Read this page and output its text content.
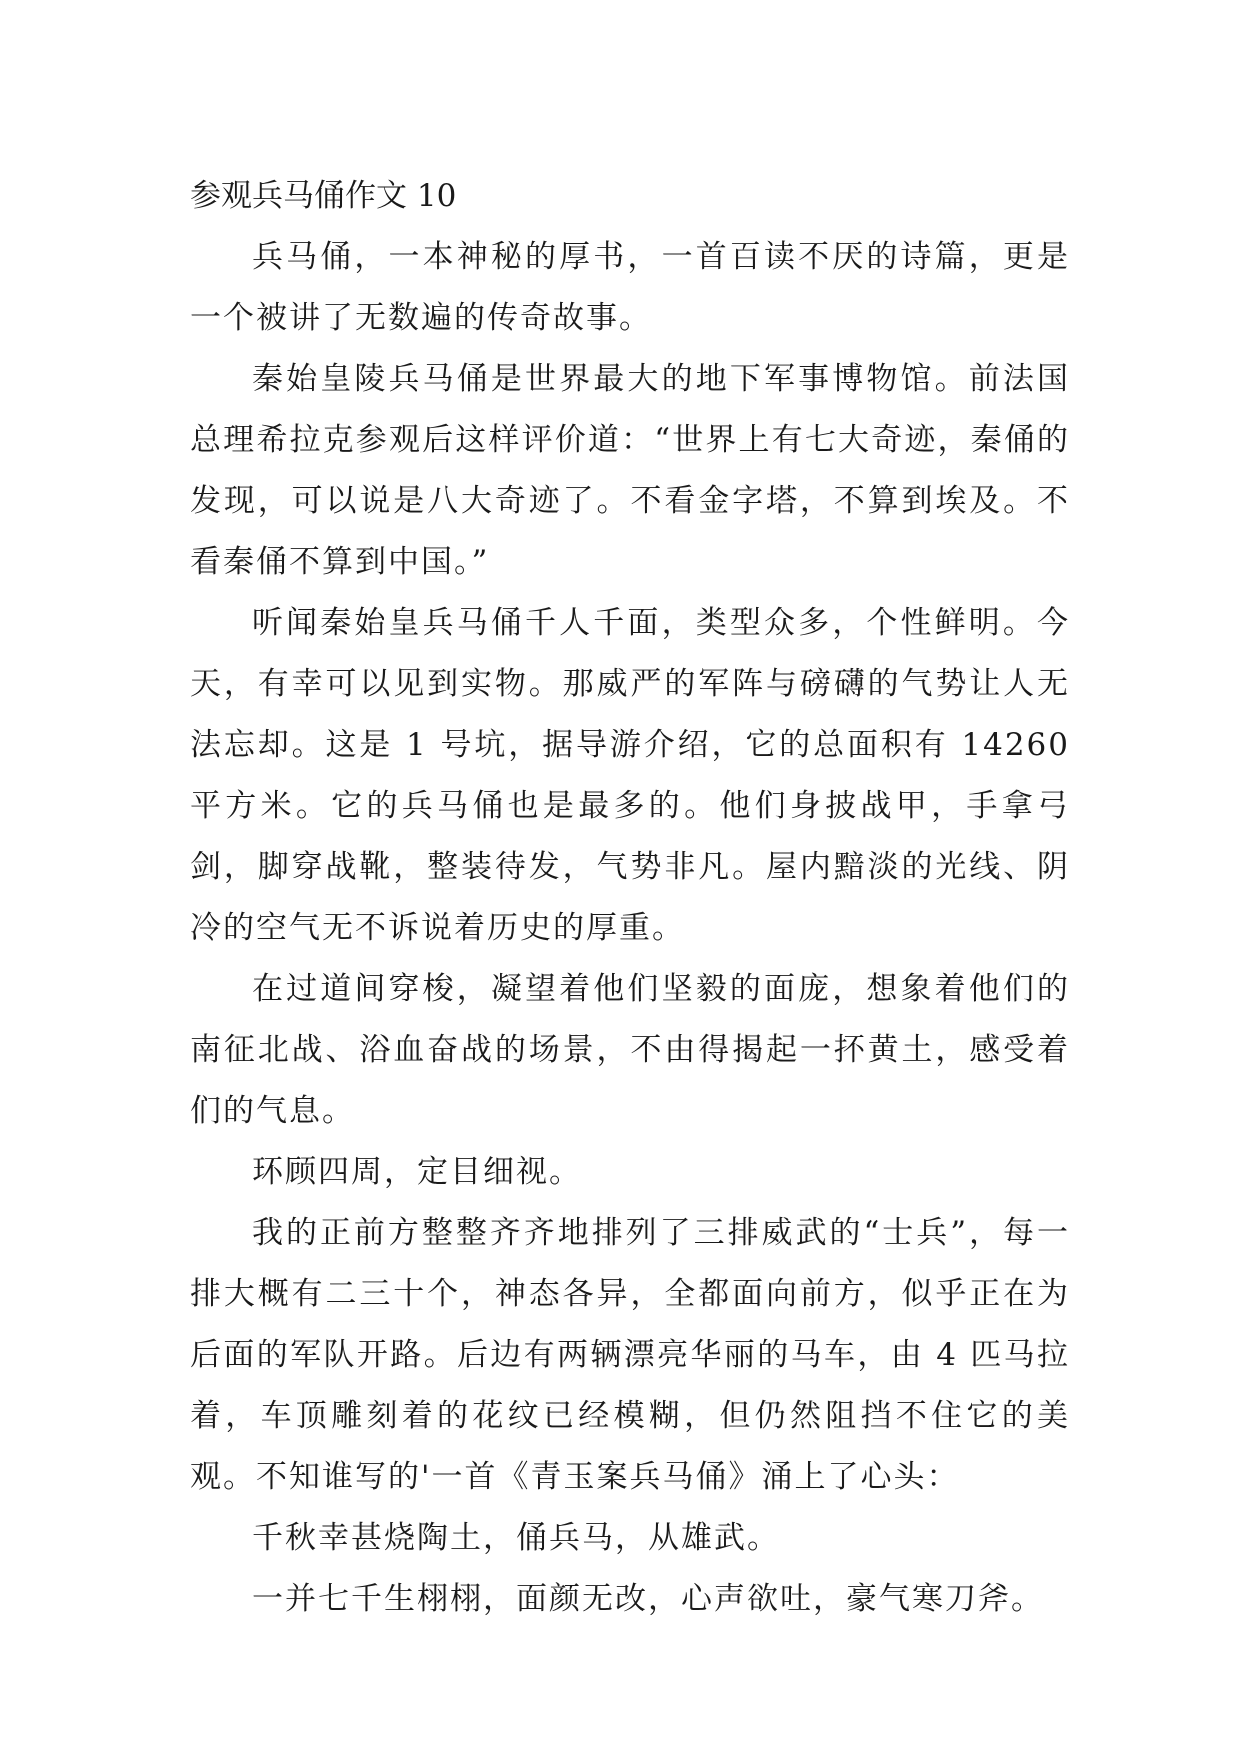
参观兵马俑作文 10

兵马俑，一本神秘的厚书，一首百读不厌的诗篇，更是一个被讲了无数遍的传奇故事。

秦始皇陵兵马俑是世界最大的地下军事博物馆。前法国总理希拉克参观后这样评价道：“世界上有七大奇迹，秦俑的发现，可以说是八大奇迹了。不看金字塔，不算到埃及。不看秦俑不算到中国。”

听闻秦始皇兵马俑千人千面，类型众多，个性鲜明。今天，有幸可以见到实物。那威严的军阵与磅礴的气势让人无法忘却。这是 1 号坑，据导游介绍，它的总面积有 14260 平方米。它的兵马俑也是最多的。他们身披战甲，手拿弓剑，脚穿战靴，整装待发，气势非凡。屋内黯淡的光线、阴冷的空气无不诉说着历史的厚重。

在过道间穿梭，凝望着他们坚毅的面庞，想象着他们的南征北战、浴血奋战的场景，不由得揭起一抔黄土，感受着们的气息。

环顾四周，定目细视。

我的正前方整整齐齐地排列了三排威武的“士兵”，每一排大概有二三十个，神态各异，全都面向前方，似乎正在为后面的军队开路。后边有两辆漂亮华丽的马车，由 4 匹马拉着，车顶雕刻着的花纹已经模糊，但仍然阻挡不住它的美观。不知谁写的'一首《青玉案兵马俑》涌上了心头：

千秋幸甚烧陶土，俑兵马，从雄武。

一并七千生栩栩，面颜无改，心声欲吐，豪气寒刀斧。
